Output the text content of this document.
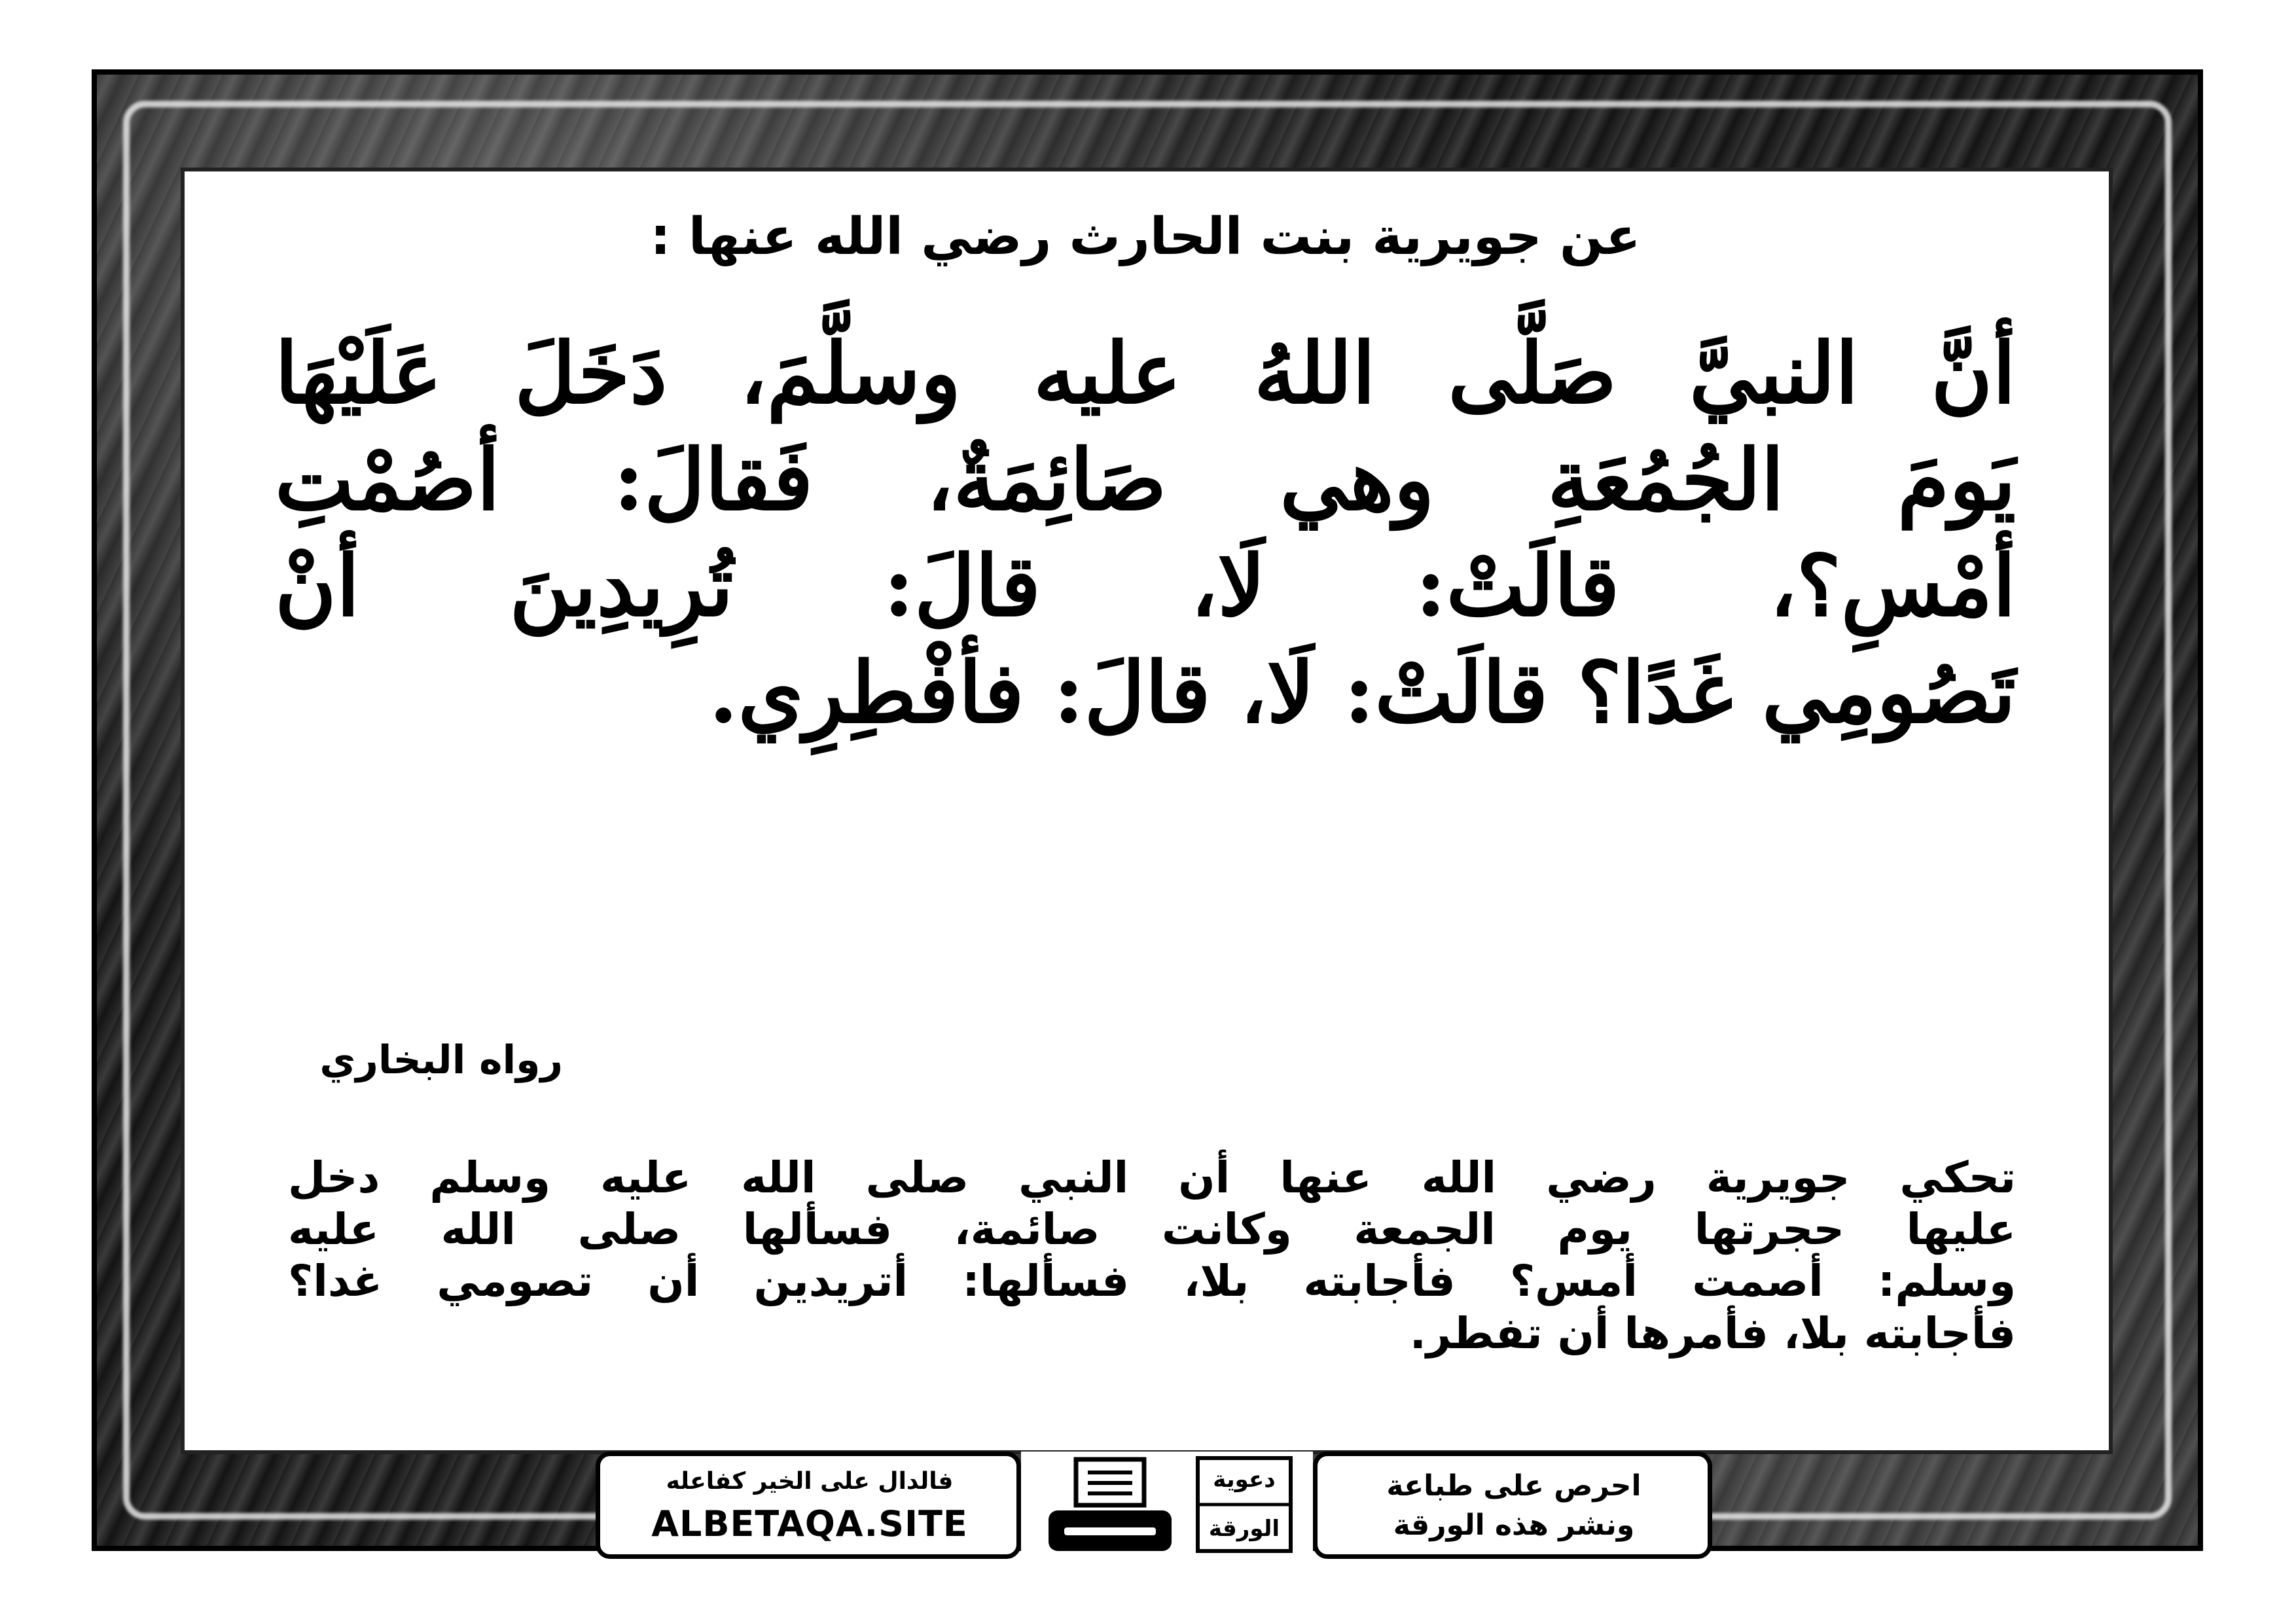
عن جويرية بنت الحارث رضي الله عنها :
أنَّ النبيَّ صَلَّى اللهُ عليه وسلَّمَ، دَخَلَ عَلَيْهَا
يَومَ الجُمُعَةِ وهي صَائِمَةٌ، فَقالَ: أصُمْتِ
أمْسِ؟، قالَتْ: لَا، قالَ: تُرِيدِينَ أنْ
تَصُومِي غَدًا؟ قالَتْ: لَا، قالَ: فأفْطِرِي.
رواه البخاري
تحكي جويرية رضي الله عنها أن النبي صلى الله عليه وسلم دخل
عليها حجرتها يوم الجمعة وكانت صائمة، فسألها صلى الله عليه
وسلم: أصمت أمس؟ فأجابته بلا، فسألها: أتريدين أن تصومي غدا؟
فأجابته بلا، فأمرها أن تفطر.
فالدال على الخير كفاعله
ALBETAQA.SITE
دعوية
الورقة
احرص على طباعة
ونشر هذه الورقة
